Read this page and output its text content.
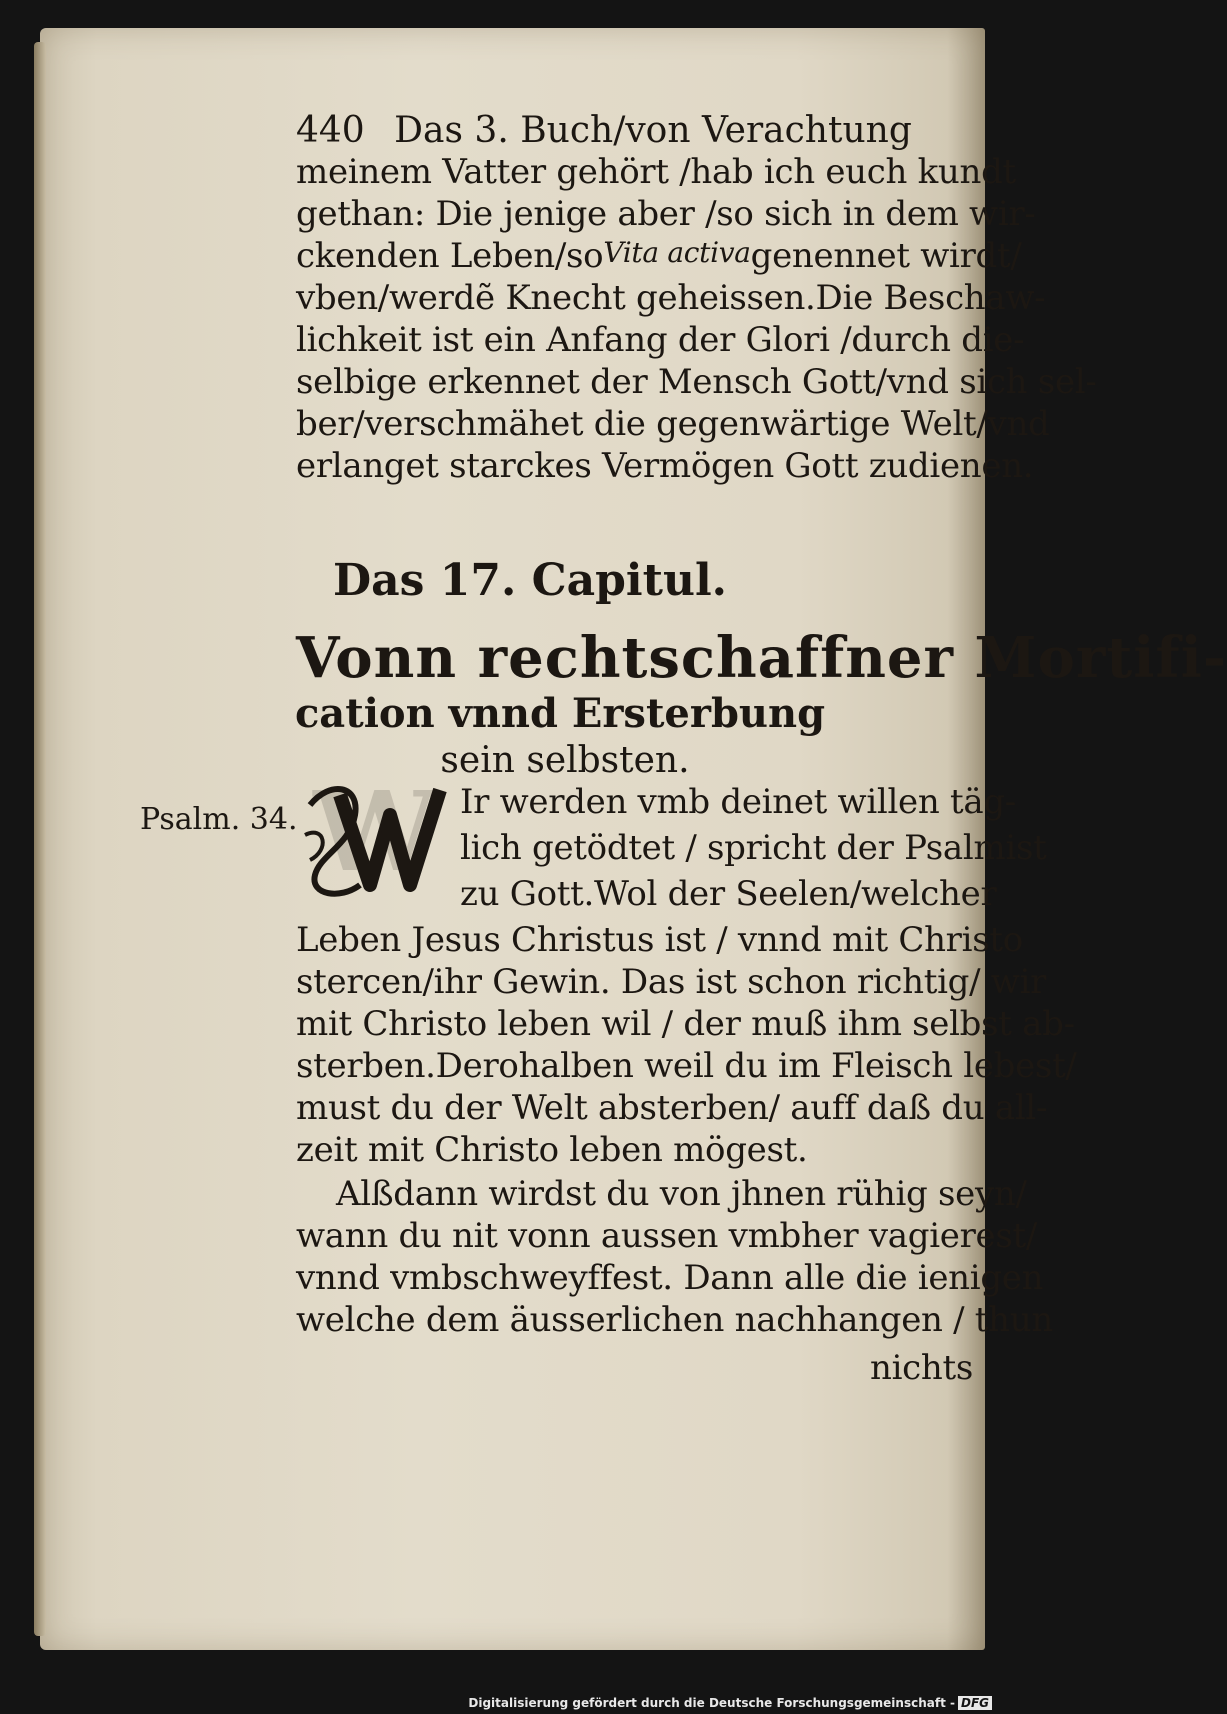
440 Das 3. Buch/von Verachtung
meinem Vatter gehört / hab ich euch kundt
gethan: Die jenige aber / so sich in dem wir-
ckenden Leben/so Vita activa genennet wirdt/
vben/werdẽ Knecht geheissen. Die Beschaw-
lichkeit ist ein Anfang der Glori / durch die-
selbige erkennet der Mensch Gott/vnd sich sel-
ber/verschmähet die gegenwärtige Welt/vnd
erlanget starckes Vermögen Gott zudienen.
Das 17. Capitul.
Vonn rechtschaffner Mortifi-
cation vnnd Ersterbung
sein selbsten.
Psalm. 34. W Ir werden vmb deinet willen täg-
lich getödtet / spricht der Psalmist
zu Gott.Wol der Seelen/welcher
Leben Jesus Christus ist / vnnd mit Christo
stercen/ihr Gewin. Das ist schon richtig/ wir
mit Christo leben wil / der muß ihm selbst ab-
sterben.Derohalben weil du im Fleisch lebest/
must du der Welt absterben/ auff daß du all-
zeit mit Christo leben mögest.
Alßdann wirdst du von jhnen rühig seyn/
wann du nit vonn aussen vmbher vagierest/
vnnd vmbschweyffest. Dann alle die ienigen
welche dem äusserlichen nachhangen / thun
nichts
Digitalisierung gefördert durch die Deutsche Forschungsgemeinschaft - DFG
